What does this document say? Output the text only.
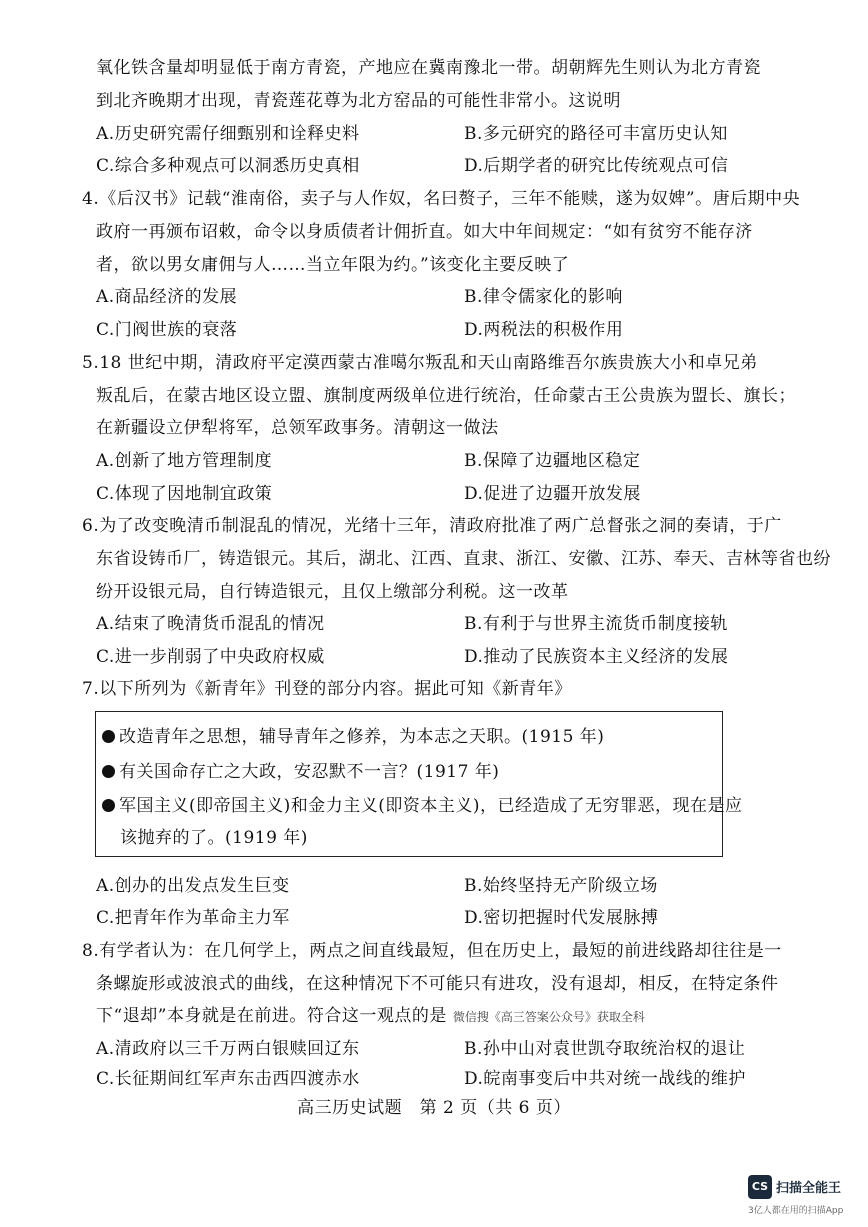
氧化铁含量却明显低于南方青瓷，产地应在冀南豫北一带。胡朝辉先生则认为北方青瓷
到北齐晚期才出现，青瓷莲花尊为北方窑品的可能性非常小。这说明
A.历史研究需仔细甄别和诠释史料	B.多元研究的路径可丰富历史认知
C.综合多种观点可以洞悉历史真相	D.后期学者的研究比传统观点可信
4.《后汉书》记载“淮南俗，卖子与人作奴，名曰赘子，三年不能赎，遂为奴婢”。唐后期中央
政府一再颁布诏敕，命令以身质债者计佣折直。如大中年间规定：“如有贫穷不能存济
者，欲以男女庸佣与人……当立年限为约。”该变化主要反映了
A.商品经济的发展	B.律令儒家化的影响
C.门阀世族的衰落	D.两税法的积极作用
5.18 世纪中期，清政府平定漠西蒙古准噶尔叛乱和天山南路维吾尔族贵族大小和卓兄弟
叛乱后，在蒙古地区设立盟、旗制度两级单位进行统治，任命蒙古王公贵族为盟长、旗长；
在新疆设立伊犁将军，总领军政事务。清朝这一做法
A.创新了地方管理制度	B.保障了边疆地区稳定
C.体现了因地制宜政策	D.促进了边疆开放发展
6.为了改变晚清币制混乱的情况，光绪十三年，清政府批准了两广总督张之洞的奏请，于广
东省设铸币厂，铸造银元。其后，湖北、江西、直隶、浙江、安徽、江苏、奉天、吉林等省也纷
纷开设银元局，自行铸造银元，且仅上缴部分利税。这一改革
A.结束了晚清货币混乱的情况	B.有利于与世界主流货币制度接轨
C.进一步削弱了中央政府权威	D.推动了民族资本主义经济的发展
7.以下所列为《新青年》刊登的部分内容。据此可知《新青年》
改造青年之思想，辅导青年之修养，为本志之天职。(1915 年)
有关国命存亡之大政，安忍默不一言？(1917 年)
军国主义(即帝国主义)和金力主义(即资本主义)，已经造成了无穷罪恶，现在是应
该抛弃的了。(1919 年)
A.创办的出发点发生巨变	B.始终坚持无产阶级立场
C.把青年作为革命主力军	D.密切把握时代发展脉搏
8.有学者认为：在几何学上，两点之间直线最短，但在历史上，最短的前进线路却往往是一
条螺旋形或波浪式的曲线，在这种情况下不可能只有进攻，没有退却，相反，在特定条件
下“退却”本身就是在前进。符合这一观点的是 微信搜《高三答案公众号》获取全科
A.清政府以三千万两白银赎回辽东	B.孙中山对袁世凯夺取统治权的退让
C.长征期间红军声东击西四渡赤水	D.皖南事变后中共对统一战线的维护
高三历史试题　第 2 页（共 6 页）
CS 扫描全能王
3亿人都在用的扫描App
